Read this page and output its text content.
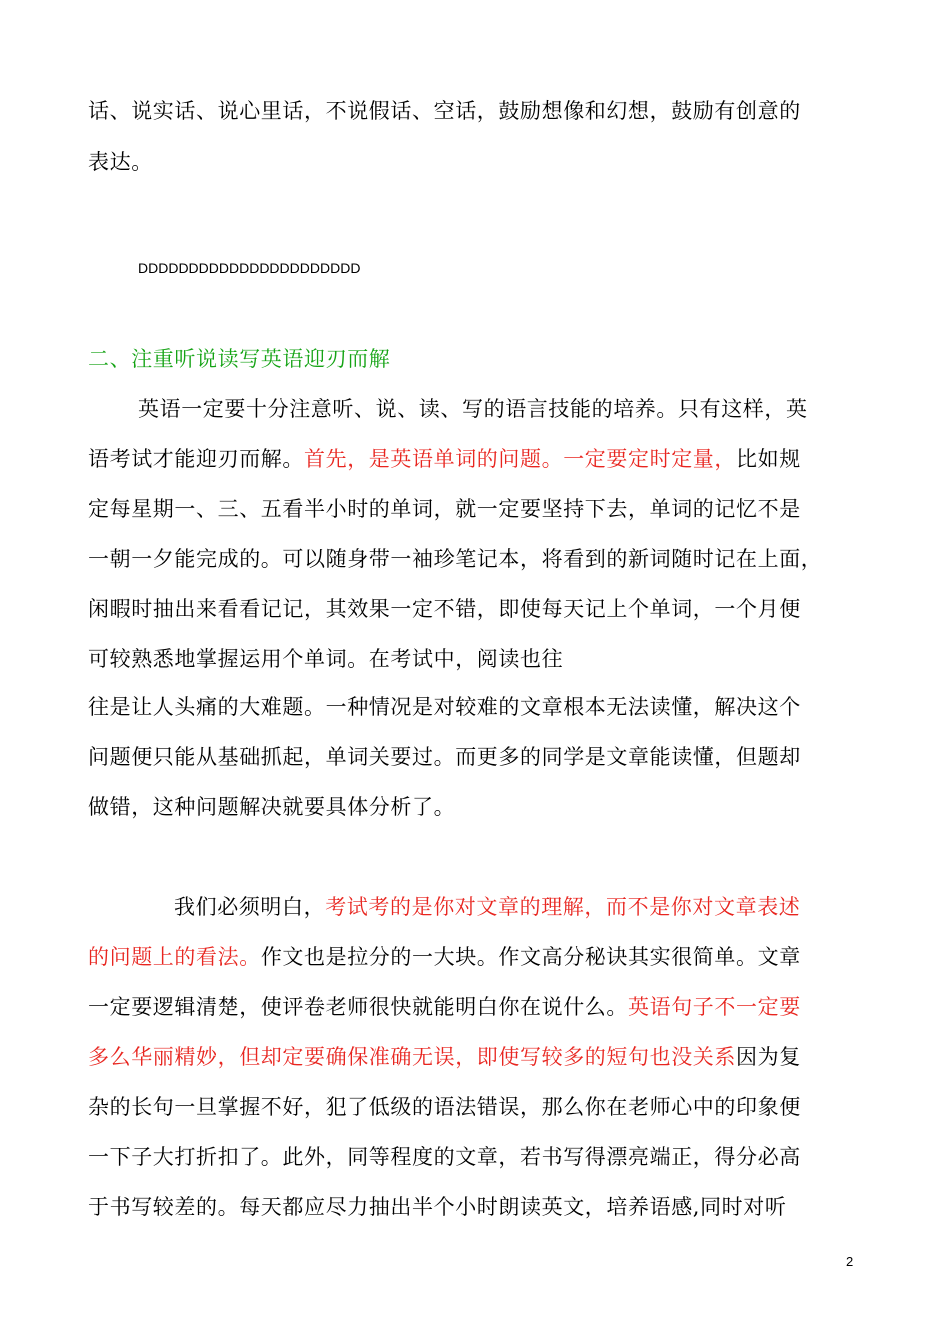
话、说实话、说心里话，不说假话、空话，鼓励想像和幻想，鼓励有创意的
表达。
DDDDDDDDDDDDDDDDDDDDDD
二、注重听说读写英语迎刃而解
英语一定要十分注意听、说、读、写的语言技能的培养。只有这样，英
语考试才能迎刃而解。首先，是英语单词的问题。一定要定时定量，比如规
定每星期一、三、五看半小时的单词，就一定要坚持下去，单词的记忆不是
一朝一夕能完成的。可以随身带一袖珍笔记本，将看到的新词随时记在上面，
闲暇时抽出来看看记记，其效果一定不错，即使每天记上个单词，一个月便
可较熟悉地掌握运用个单词。在考试中，阅读也往
往是让人头痛的大难题。一种情况是对较难的文章根本无法读懂，解决这个
问题便只能从基础抓起，单词关要过。而更多的同学是文章能读懂，但题却
做错，这种问题解决就要具体分析了。
我们必须明白，考试考的是你对文章的理解，而不是你对文章表述
的问题上的看法。作文也是拉分的一大块。作文高分秘诀其实很简单。文章
一定要逻辑清楚，使评卷老师很快就能明白你在说什么。英语句子不一定要
多么华丽精妙，但却定要确保准确无误，即使写较多的短句也没关系因为复
杂的长句一旦掌握不好，犯了低级的语法错误，那么你在老师心中的印象便
一下子大打折扣了。此外，同等程度的文章，若书写得漂亮端正，得分必高
于书写较差的。每天都应尽力抽出半个小时朗读英文，培养语感,同时对听
2
